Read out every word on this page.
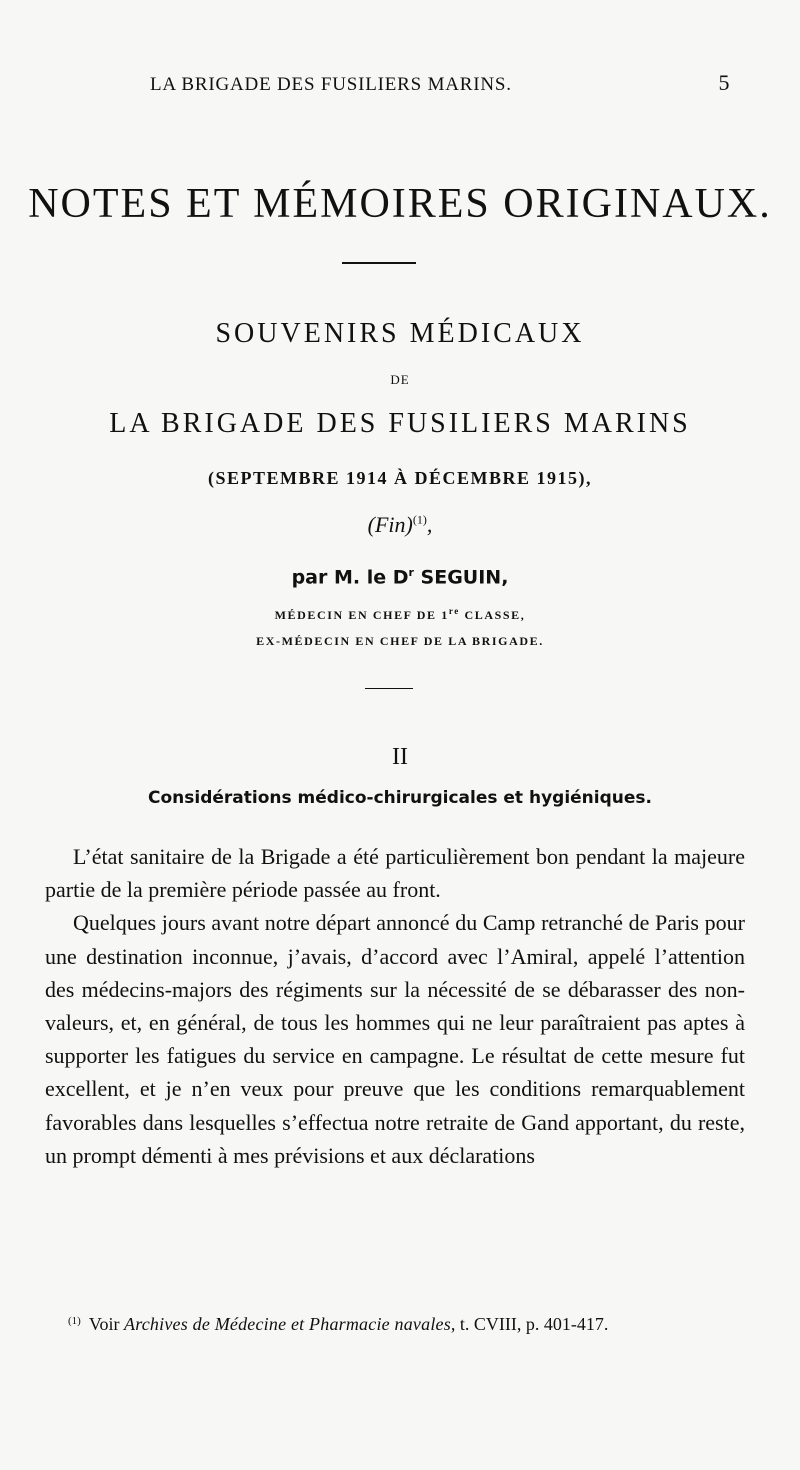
LA BRIGADE DES FUSILIERS MARINS.	5
NOTES ET MÉMOIRES ORIGINAUX.
SOUVENIRS MÉDICAUX
DE
LA BRIGADE DES FUSILIERS MARINS
(SEPTEMBRE 1914 À DÉCEMBRE 1915),
(Fin)$^{(1)}$,
par M. le $D^r$ SEGUIN,
MÉDECIN EN CHEF DE 1re CLASSE,
EX-MÉDECIN EN CHEF DE LA BRIGADE.
II
Considérations médico-chirurgicales et hygiéniques.

L’état sanitaire de la Brigade a été particulièrement bon pendant la majeure partie de la première période passée au front.

Quelques jours avant notre départ annoncé du Camp retranché de Paris pour une destination inconnue, j’avais, d’accord avec l’Amiral, appelé l’attention des médecins-majors des régiments sur la nécessité de se débarasser des non-valeurs, et, en général, de tous les hommes qui ne leur paraîtraient pas aptes à supporter les fatigues du service en campagne. Le résultat de cette mesure fut excellent, et je n’en veux pour preuve que les conditions remarquablement favorables dans lesquelles s’effectua notre retraite de Gand apportant, du reste, un prompt démenti à mes prévisions et aux déclarations

$^{(1)}$ Voir Archives de Médecine et Pharmacie navales, t. CVIII, p. 401-417.
